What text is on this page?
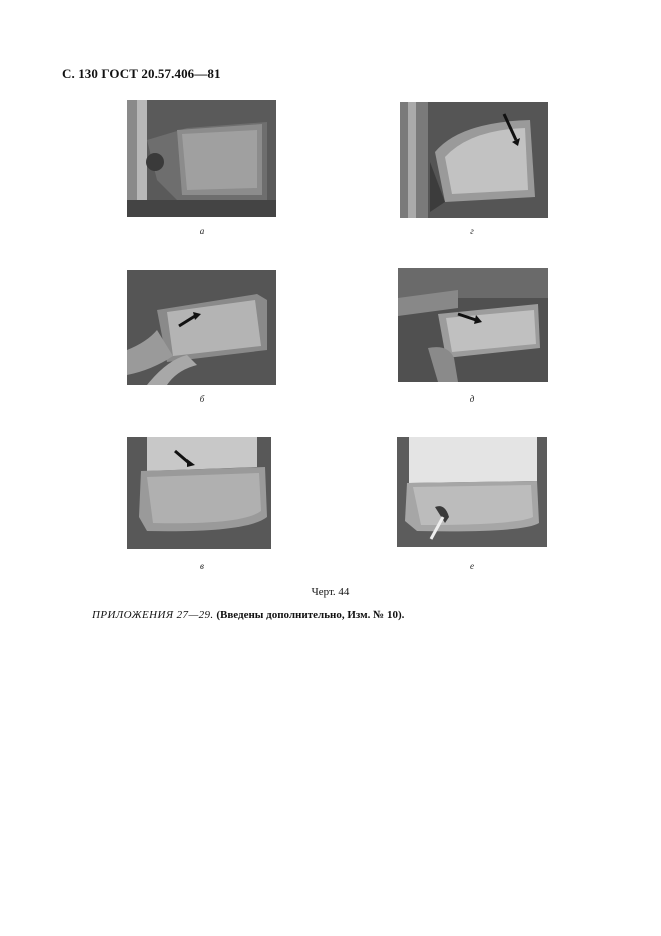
С. 130 ГОСТ 20.57.406—81
а	г
б	д
в	е
Черт. 44
ПРИЛОЖЕНИЯ 27—29. (Введены дополнительно, Изм. № 10).
